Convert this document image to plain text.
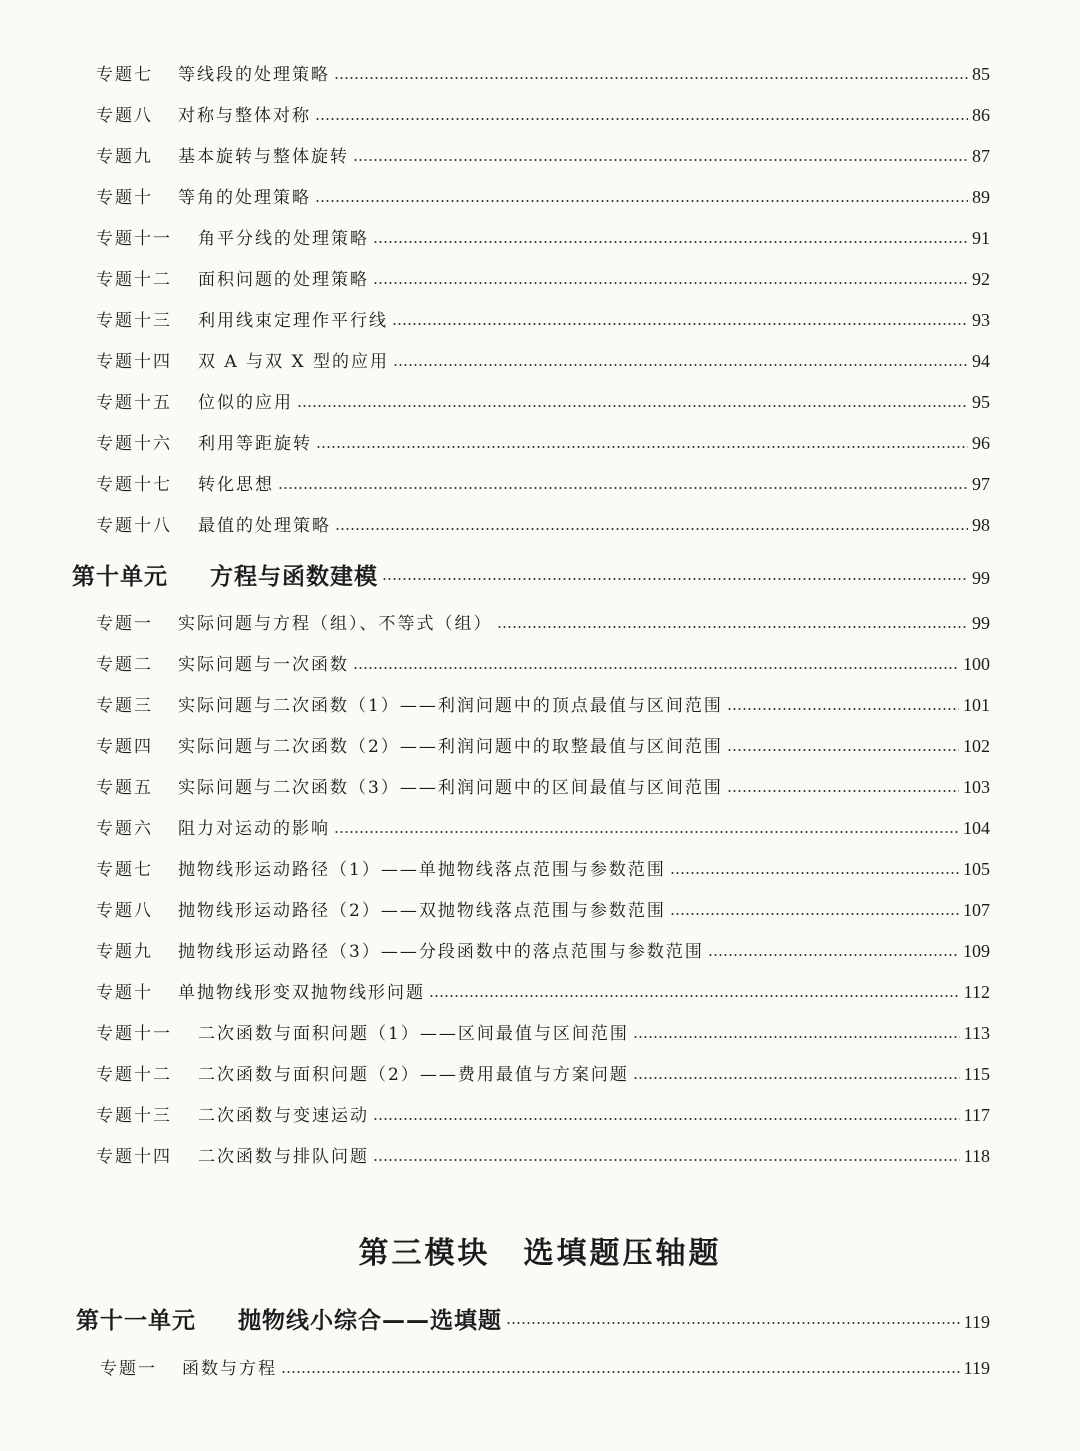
专题七	等线段的处理策略	85
专题八	对称与整体对称	86
专题九	基本旋转与整体旋转	87
专题十	等角的处理策略	89
专题十一	角平分线的处理策略	91
专题十二	面积问题的处理策略	92
专题十三	利用线束定理作平行线	93
专题十四	双 A 与双 X 型的应用	94
专题十五	位似的应用	95
专题十六	利用等距旋转	96
专题十七	转化思想	97
专题十八	最值的处理策略	98
第十单元	方程与函数建模	99
专题一	实际问题与方程（组）、不等式（组）	99
专题二	实际问题与一次函数	100
专题三	实际问题与二次函数（1）——利润问题中的顶点最值与区间范围	101
专题四	实际问题与二次函数（2）——利润问题中的取整最值与区间范围	102
专题五	实际问题与二次函数（3）——利润问题中的区间最值与区间范围	103
专题六	阻力对运动的影响	104
专题七	抛物线形运动路径（1）——单抛物线落点范围与参数范围	105
专题八	抛物线形运动路径（2）——双抛物线落点范围与参数范围	107
专题九	抛物线形运动路径（3）——分段函数中的落点范围与参数范围	109
专题十	单抛物线形变双抛物线形问题	112
专题十一	二次函数与面积问题（1）——区间最值与区间范围	113
专题十二	二次函数与面积问题（2）——费用最值与方案问题	115
专题十三	二次函数与变速运动	117
专题十四	二次函数与排队问题	118
第三模块　选填题压轴题
第十一单元	抛物线小综合——选填题	119
专题一	函数与方程	119
